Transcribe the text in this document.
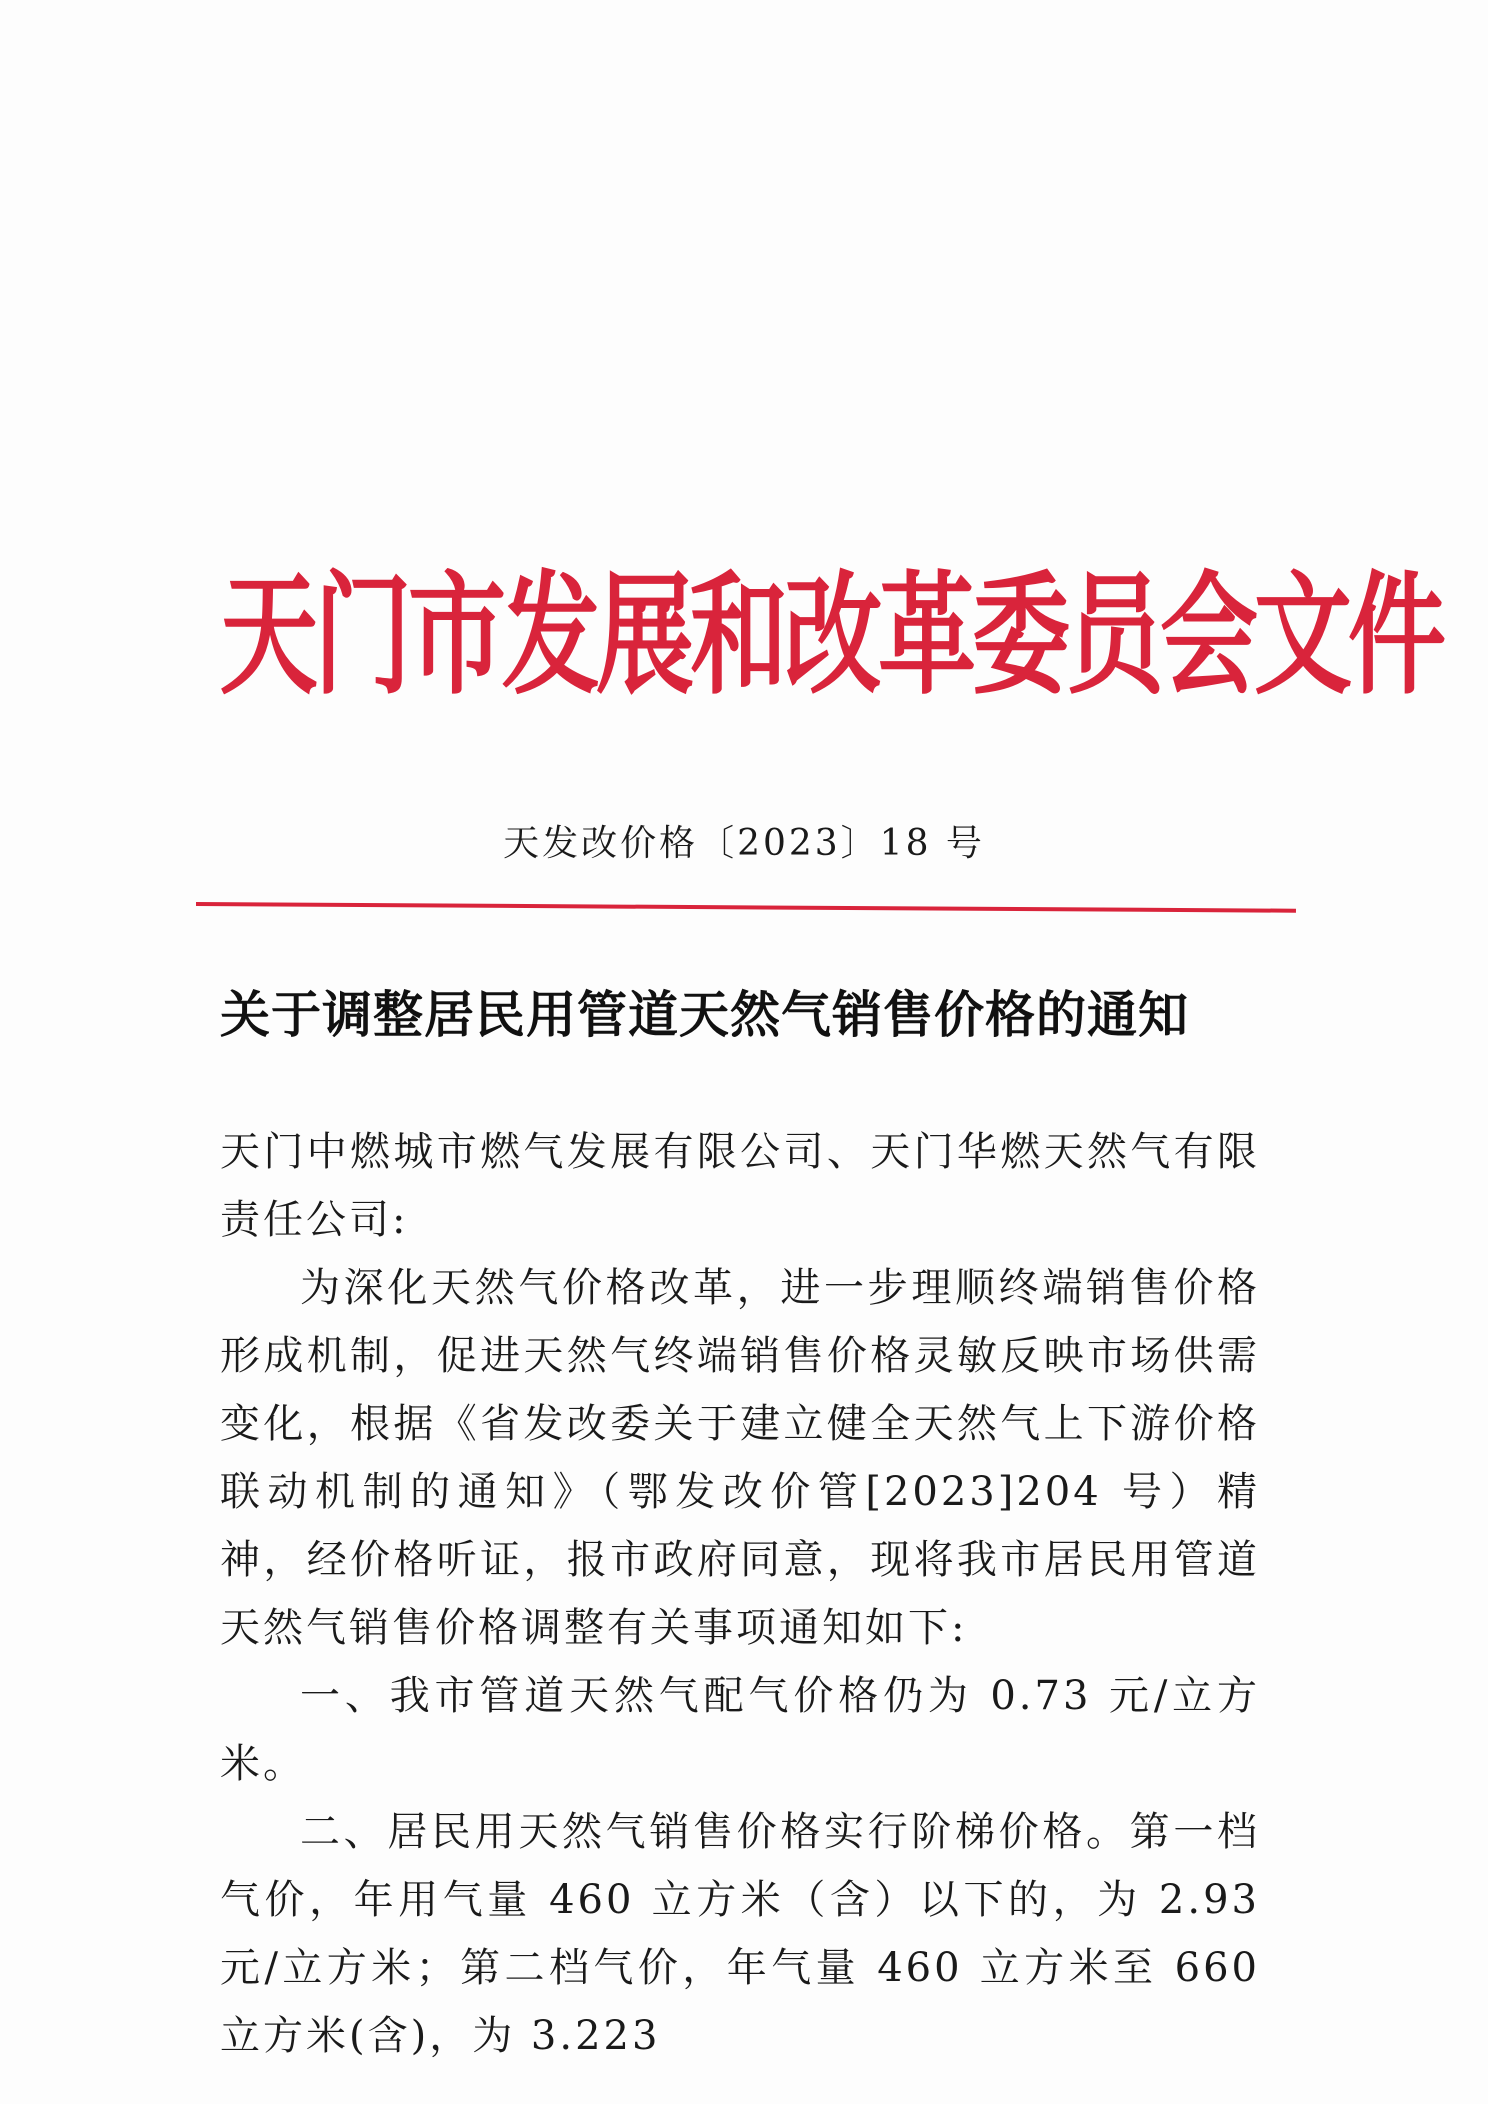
天门市发展和改革委员会文件
天发改价格〔2023〕18 号
关于调整居民用管道天然气销售价格的通知

天门中燃城市燃气发展有限公司、天门华燃天然气有限责任公司:

为深化天然气价格改革，进一步理顺终端销售价格形成机制，促进天然气终端销售价格灵敏反映市场供需变化，根据《省发改委关于建立健全天然气上下游价格联动机制的通知》（鄂发改价管[2023]204 号）精神，经价格听证，报市政府同意，现将我市居民用管道天然气销售价格调整有关事项通知如下:

一、我市管道天然气配气价格仍为 0.73 元/立方米。

二、居民用天然气销售价格实行阶梯价格。第一档气价，年用气量 460 立方米（含）以下的，为 2.93 元/立方米；第二档气价，年气量 460 立方米至 660 立方米(含)，为 3.223
